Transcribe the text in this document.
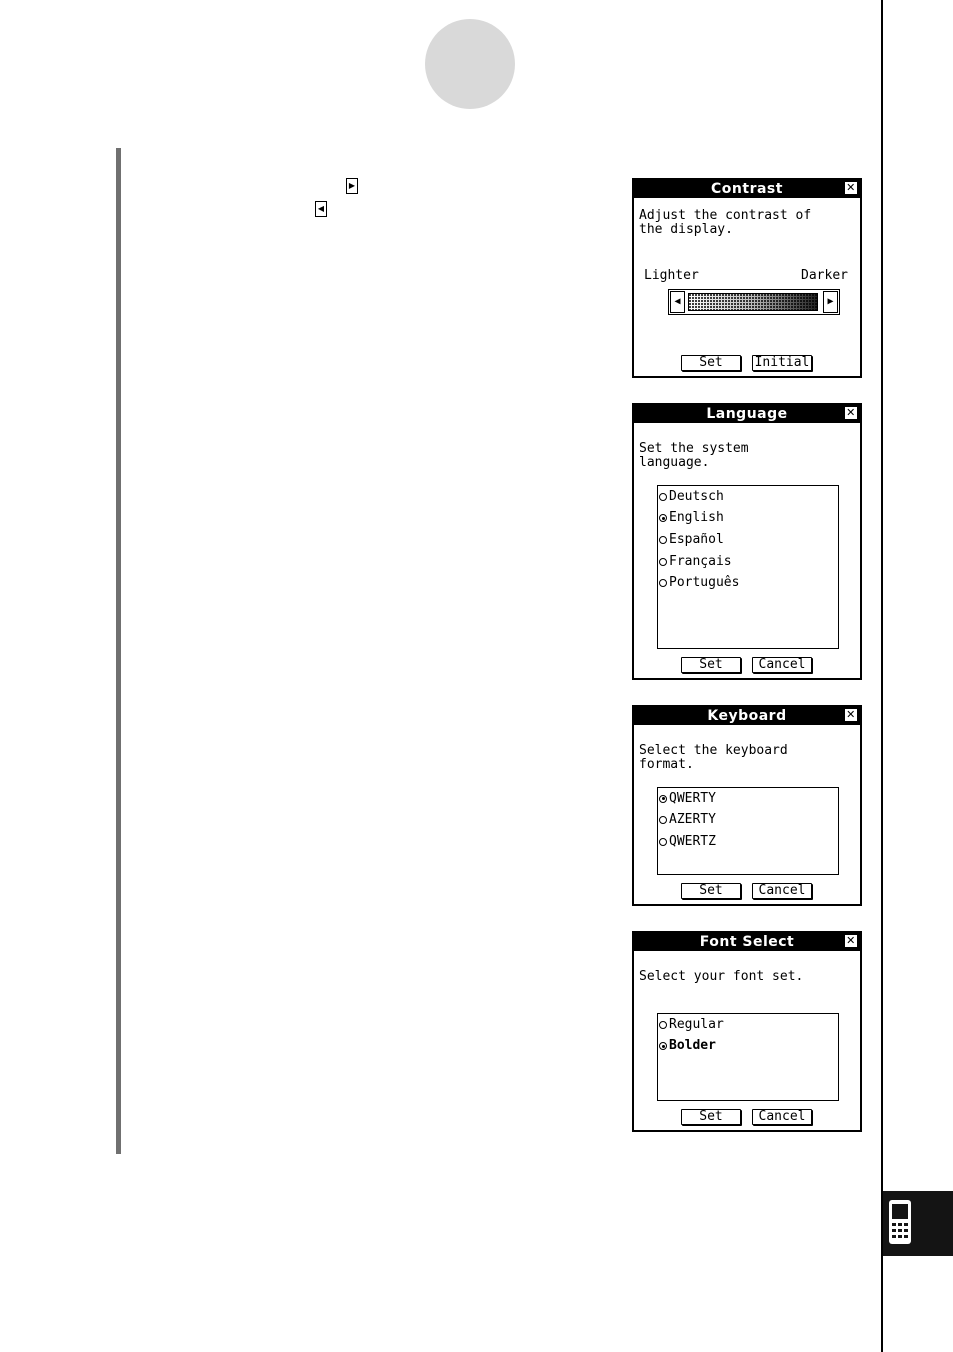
▶
◀
Contrast	✕
Adjust the contrast of
the display.
Lighter	Darker
◀	▶
Set	Initial
Language	✕
Set the system
language.
Deutsch
English
Español
Français
Português
Set	Cancel
Keyboard	✕
Select the keyboard
format.
QWERTY
AZERTY
QWERTZ
Set	Cancel
Font Select	✕
Select your font set.
Regular
Bolder
Set	Cancel
